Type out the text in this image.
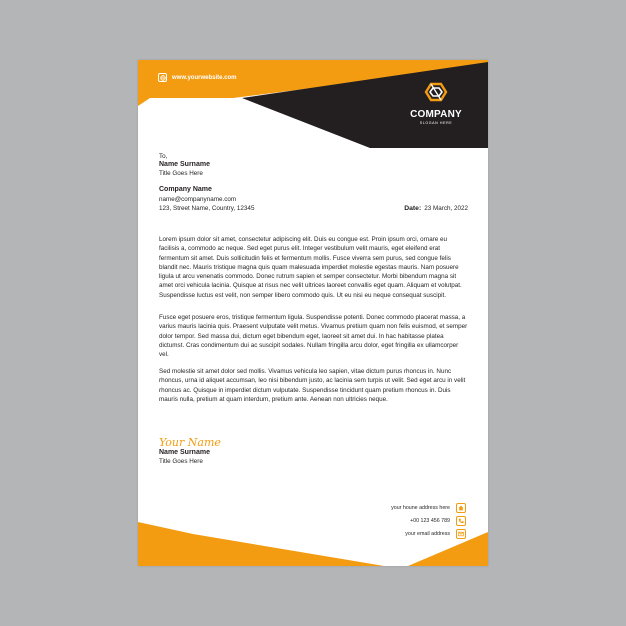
www.yourwebsite.com
COMPANY
SLOGAN HERE
To,
Name Surname
Title Goes Here
Company Name
name@companyname.com
123, Street Name, Country, 12345	Date: 23 March, 2022

Lorem ipsum dolor sit amet, consectetur adipiscing elit. Duis eu congue est. Proin ipsum orci, ornare eu facilisis a, commodo ac neque. Sed eget purus elit. Integer vestibulum velit mauris, eget eleifend erat fermentum sit amet. Duis sollicitudin felis et fermentum mollis. Fusce viverra sem purus, sed congue felis blandit nec. Mauris tristique magna quis quam malesuada imperdiet molestie egestas mauris. Nam posuere ligula ut arcu venenatis commodo. Donec rutrum sapien et semper consectetur. Morbi bibendum magna sit amet orci vehicula lacinia. Quisque at risus nec velit ultrices laoreet convallis eget quam. Aliquam et volutpat. Suspendisse luctus est velit, non semper libero commodo quis. Ut eu nisi eu neque consequat suscipit.

Fusce eget posuere eros, tristique fermentum ligula. Suspendisse potenti. Donec commodo placerat massa, a varius mauris lacinia quis. Praesent vulputate velit metus. Vivamus pretium quam non felis euismod, et semper dolor tempor. Sed massa dui, dictum eget bibendum eget, laoreet sit amet dui. In hac habitasse platea dictumst. Cras condimentum dui ac suscipit sodales. Nullam fringilla arcu dolor, eget fringilla ex ullamcorper vel.

Sed molestie sit amet dolor sed mollis. Vivamus vehicula leo sapien, vitae dictum purus rhoncus in. Nunc rhoncus, urna id aliquet accumsan, leo nisi bibendum justo, ac lacinia sem turpis ut velit. Sed eget arcu in velit rhoncus ac. Quisque in imperdiet dictum vulputate. Suspendisse tincidunt quam pretium rhoncus in. Duis mauris nulla, pretium at quam interdum, pretium ante. Aenean non ultricies neque.

Your Name
Name Surname
Title Goes Here
your houne address here
+00 123 456 789
your email address
